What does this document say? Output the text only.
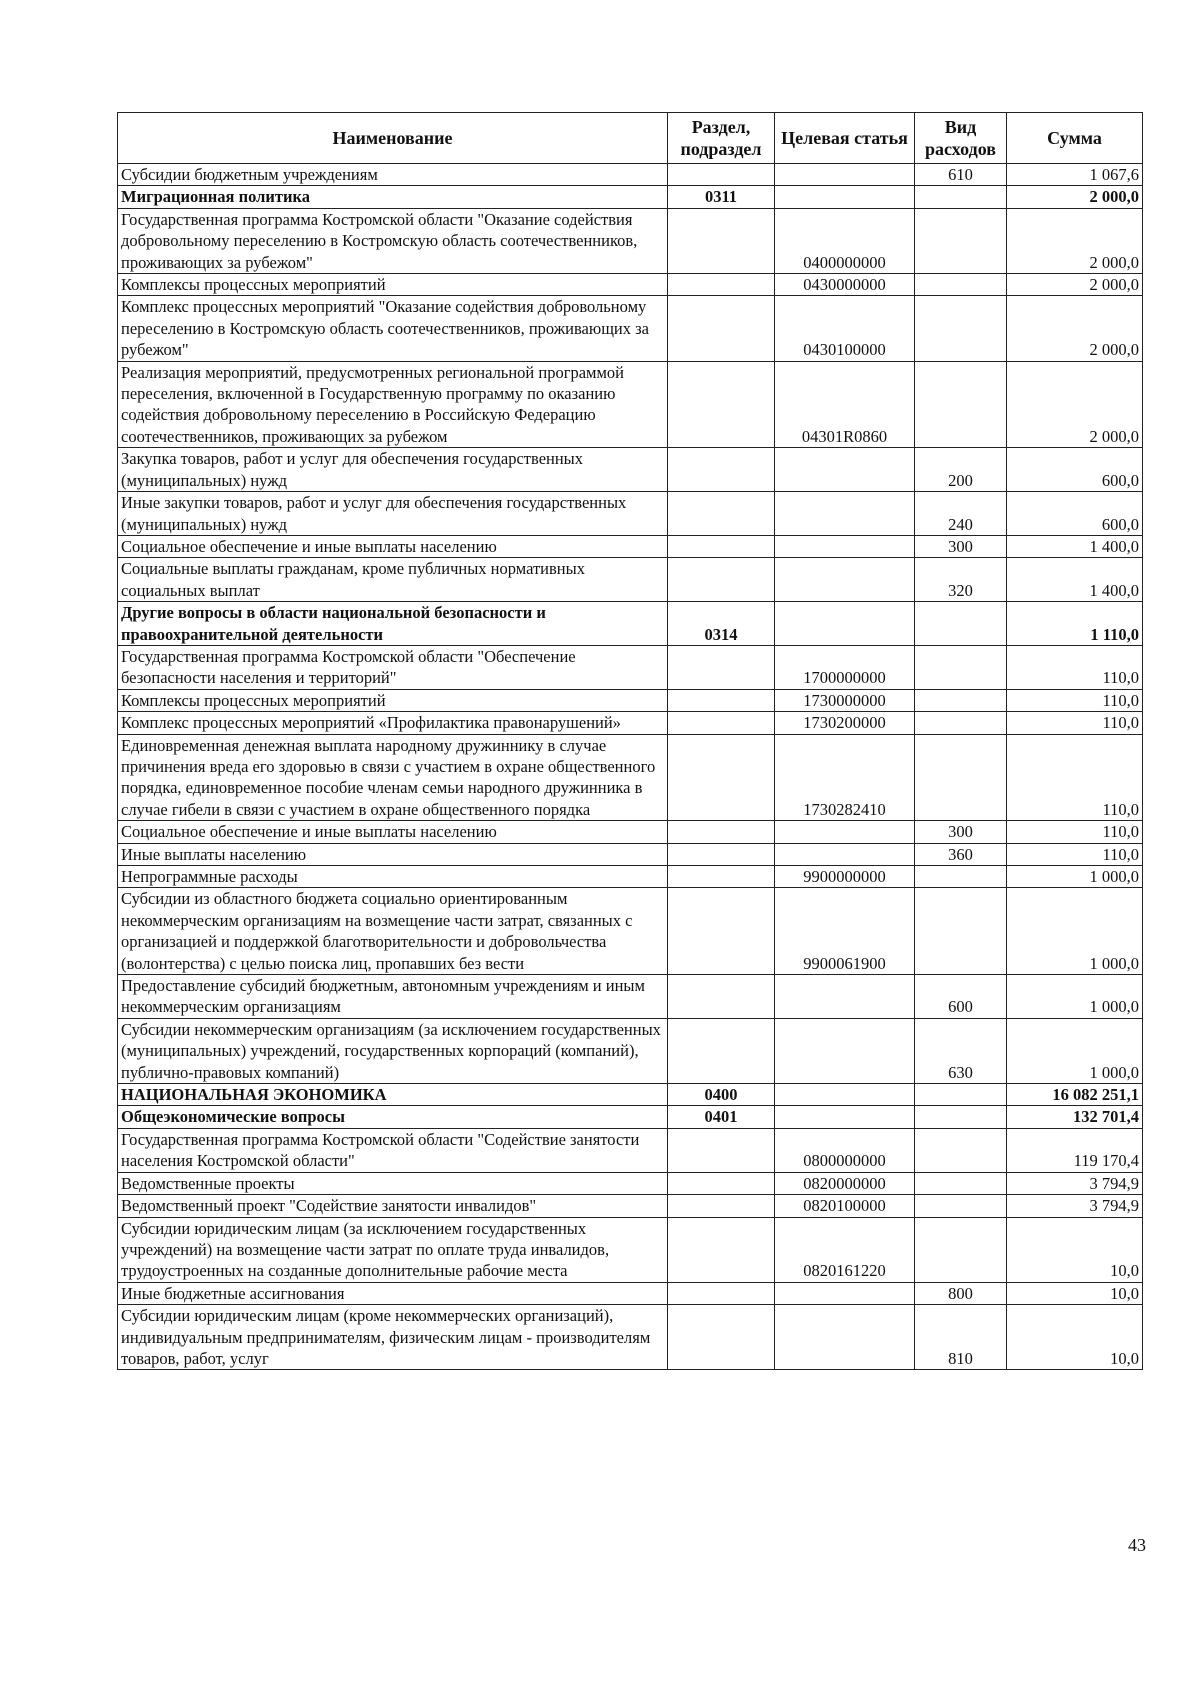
Наименование	Раздел, подраздел	Целевая статья	Вид расходов	Сумма
Субсидии бюджетным учреждениям			610	1 067,6
Миграционная политика	0311			2 000,0
Государственная программа Костромской области "Оказание содействия добровольному переселению в Костромскую область соотечественников, проживающих за рубежом"		0400000000		2 000,0
Комплексы процессных мероприятий		0430000000		2 000,0
Комплекс процессных мероприятий "Оказание содействия добровольному переселению в Костромскую область соотечественников, проживающих за рубежом"		0430100000		2 000,0
Реализация мероприятий, предусмотренных региональной программой переселения, включенной в Государственную программу по оказанию содействия добровольному переселению в Российскую Федерацию соотечественников, проживающих за рубежом		04301R0860		2 000,0
Закупка товаров, работ и услуг для обеспечения государственных (муниципальных) нужд			200	600,0
Иные закупки товаров, работ и услуг для обеспечения государственных (муниципальных) нужд			240	600,0
Социальное обеспечение и иные выплаты населению			300	1 400,0
Социальные выплаты гражданам, кроме публичных нормативных социальных выплат			320	1 400,0
Другие вопросы в области национальной безопасности и правоохранительной деятельности	0314			1 110,0
Государственная программа Костромской области "Обеспечение безопасности населения и территорий"		1700000000		110,0
Комплексы процессных мероприятий		1730000000		110,0
Комплекс процессных мероприятий «Профилактика правонарушений»		1730200000		110,0
Единовременная денежная выплата народному дружиннику в случае причинения вреда его здоровью в связи с участием в охране общественного порядка, единовременное пособие членам семьи народного дружинника в случае гибели в связи с участием в охране общественного порядка		1730282410		110,0
Социальное обеспечение и иные выплаты населению			300	110,0
Иные выплаты населению			360	110,0
Непрограммные расходы		9900000000		1 000,0
Субсидии из областного бюджета социально ориентированным некоммерческим организациям на возмещение части затрат, связанных с организацией и поддержкой благотворительности и добровольчества (волонтерства) с целью поиска лиц, пропавших без вести		9900061900		1 000,0
Предоставление субсидий бюджетным, автономным учреждениям и иным некоммерческим организациям			600	1 000,0
Субсидии некоммерческим организациям (за исключением государственных (муниципальных) учреждений, государственных корпораций (компаний), публично-правовых компаний)			630	1 000,0
НАЦИОНАЛЬНАЯ ЭКОНОМИКА	0400			16 082 251,1
Общеэкономические вопросы	0401			132 701,4
Государственная программа Костромской области "Содействие занятости населения Костромской области"		0800000000		119 170,4
Ведомственные проекты		0820000000		3 794,9
Ведомственный проект "Содействие занятости инвалидов"		0820100000		3 794,9
Субсидии юридическим лицам (за исключением государственных учреждений) на возмещение части затрат по оплате труда инвалидов, трудоустроенных на созданные дополнительные рабочие места		0820161220		10,0
Иные бюджетные ассигнования			800	10,0
Субсидии юридическим лицам (кроме некоммерческих организаций), индивидуальным предпринимателям, физическим лицам - производителям товаров, работ, услуг			810	10,0
43
